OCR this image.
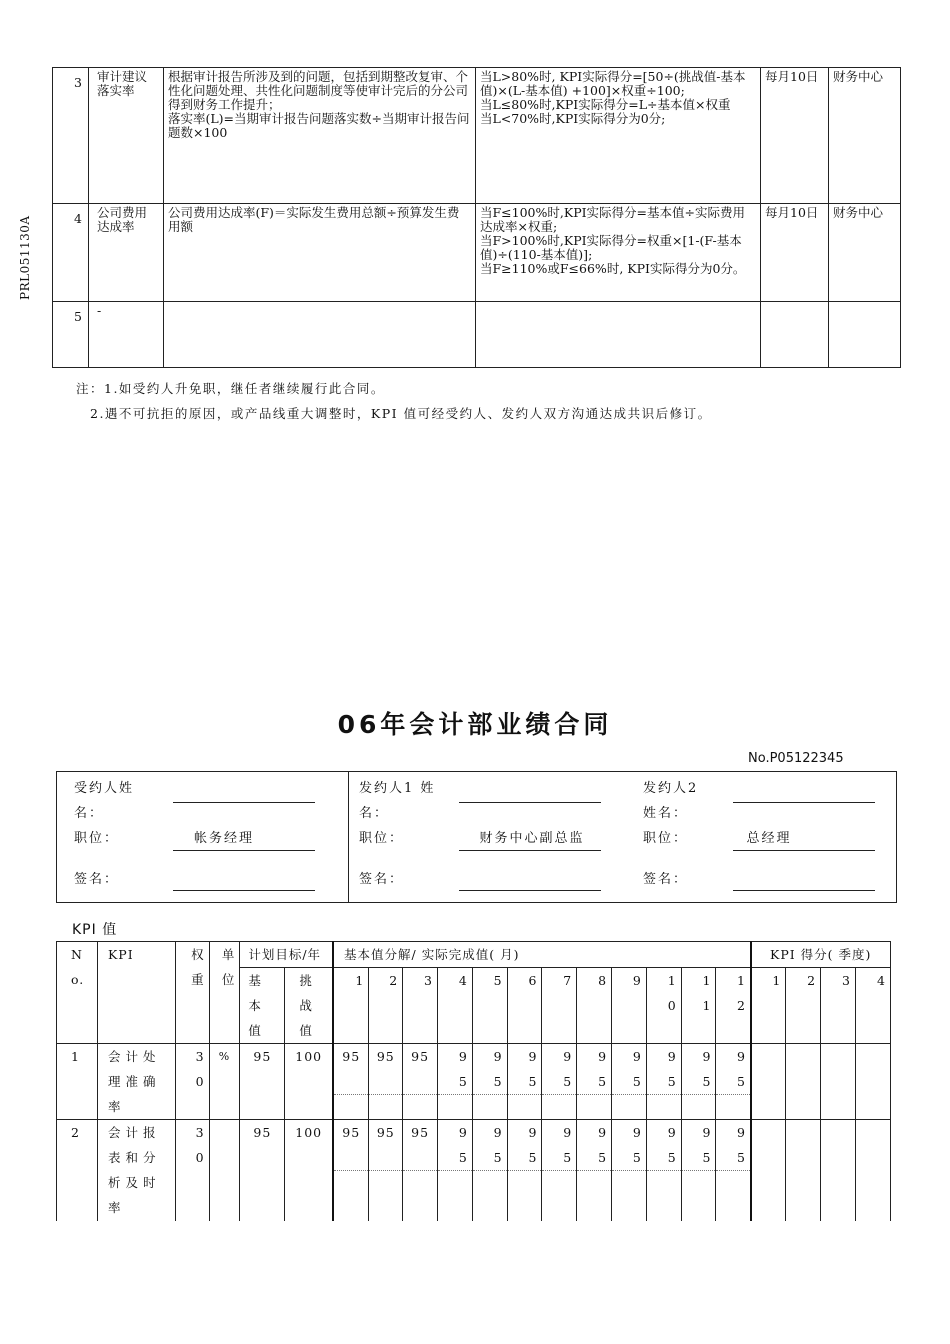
PRL051130A
3	审计建议落实率	根据审计报告所涉及到的问题，包括到期整改复审、个性化问题处理、共性化问题制度等使审计完后的分公司得到财务工作提升；
落实率(L)=当期审计报告问题落实数÷当期审计报告问题数×100	当L>80%时, KPI实际得分=[50÷(挑战值-基本值)×(L-基本值) +100]×权重÷100;
当L≤80%时,KPI实际得分=L÷基本值×权重
当L<70%时,KPI实际得分为0分;	每月10日	财务中心
4	公司费用达成率	公司费用达成率(F)＝实际发生费用总额÷预算发生费用额	当F≤100%时,KPI实际得分=基本值÷实际费用达成率×权重;
当F>100%时,KPI实际得分=权重×[1-(F-基本值)÷(110-基本值)];
当F≥110%或F≤66%时, KPI实际得分为0分。	每月10日	财务中心
5	-				
注：1.如受约人升免职，继任者继续履行此合同。
2.遇不可抗拒的原因，或产品线重大调整时，KPI 值可经受约人、发约人双方沟通达成共识后修订。
06年会计部业绩合同
No.P05122345
受约人姓
名：
职位：	帐务经理
签名：
发约人1 姓
名：
职位：	财务中心副总监
签名：
发约人2
姓名：
职位：	总经理
签名：
KPI 值
No.	KPI	权重	单位	计划目标/年		基本值分解/ 实际完成值( 月)												KPI 得分( 季度)			

				基本值	挑战值	1	2	3	4	5	6	7	8	9	10	11	12	1	2	3	4
1	会计处理准确率	30	%	95	100	95	95	95	95	95	95	95	95	95	95	95	95				

2	会计报表和分析及时率	30		95	100	95	95	95	95	95	95	95	95	95	95	95	95				
